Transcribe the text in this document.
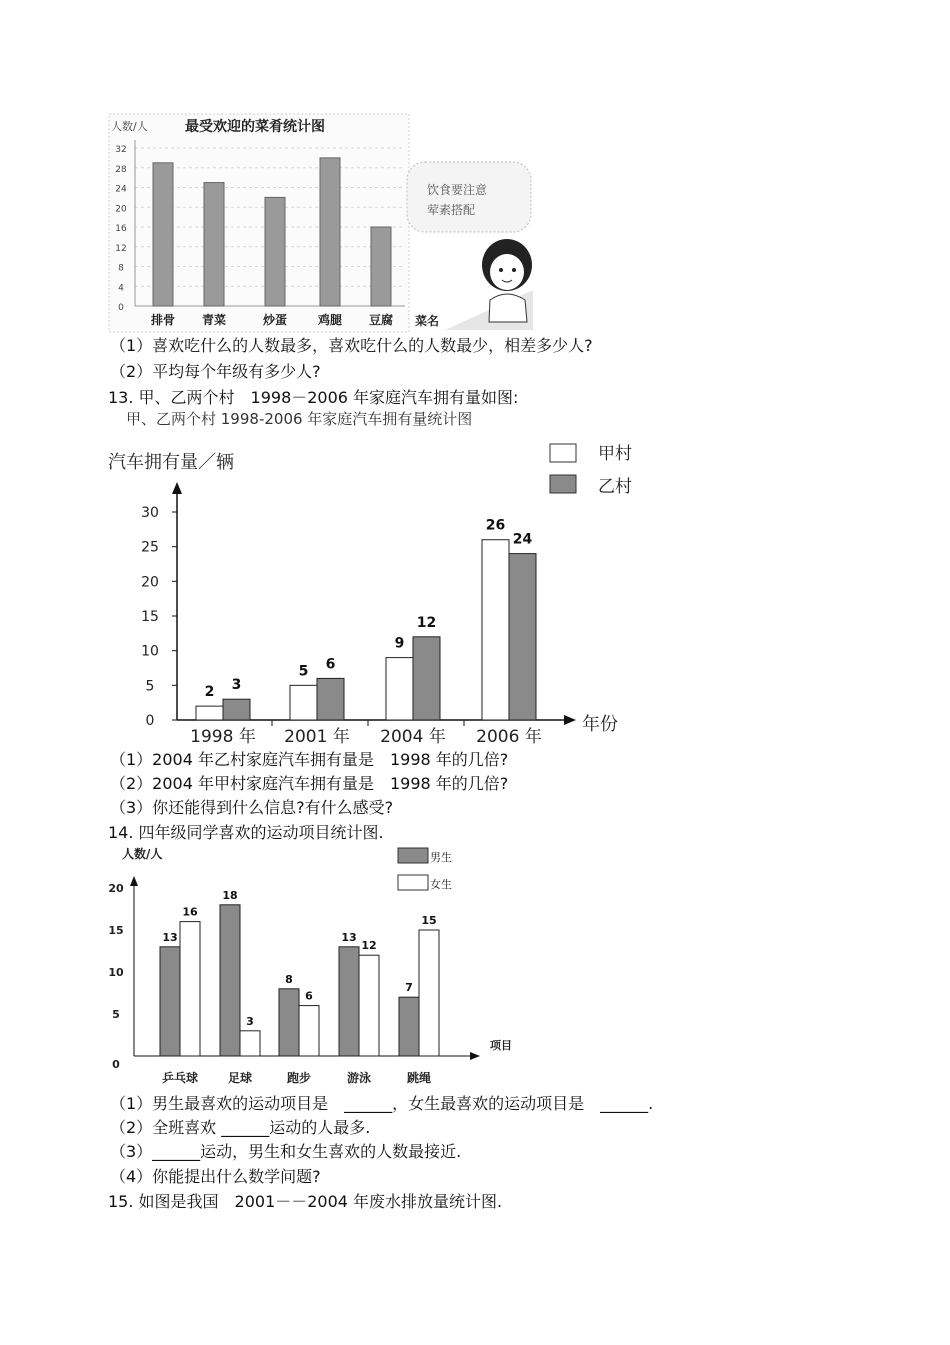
人数/人	最受欢迎的菜肴统计图
32
28
24
20
16
12
8
4
0
排骨 青菜	炒蛋	鸡腿 豆腐 菜名
饮食要注意
荤素搭配
（1）喜欢吃什么的人数最多，喜欢吃什么的人数最少，相差多少人?
（2）平均每个年级有多少人?
13. 甲、乙两个村　1998－2006 年家庭汽车拥有量如图:
甲、乙两个村 1998-2006 年家庭汽车拥有量统计图
汽车拥有量／辆	甲村
乙村
年份
30
25
20
15
10
5
0
2 3
5 6
9
12
26
24
1998 年 2001 年 2004 年 2006 年
（1）2004 年乙村家庭汽车拥有量是　1998 年的几倍?
（2）2004 年甲村家庭汽车拥有量是　1998 年的几倍?
（3）你还能得到什么信息?有什么感受?
14. 四年级同学喜欢的运动项目统计图.
人数/人	男生
女生
项目
20
15
10
5
0
13
16
18
3
8
6
13
12
7
15
乒乓球 足球	跑步	游泳	跳绳
（1）男生最喜欢的运动项目是　______，女生最喜欢的运动项目是　______.
（2）全班喜欢 ______运动的人最多.
（3）______运动，男生和女生喜欢的人数最接近.
（4）你能提出什么数学问题?
15. 如图是我国　2001－－2004 年废水排放量统计图.
